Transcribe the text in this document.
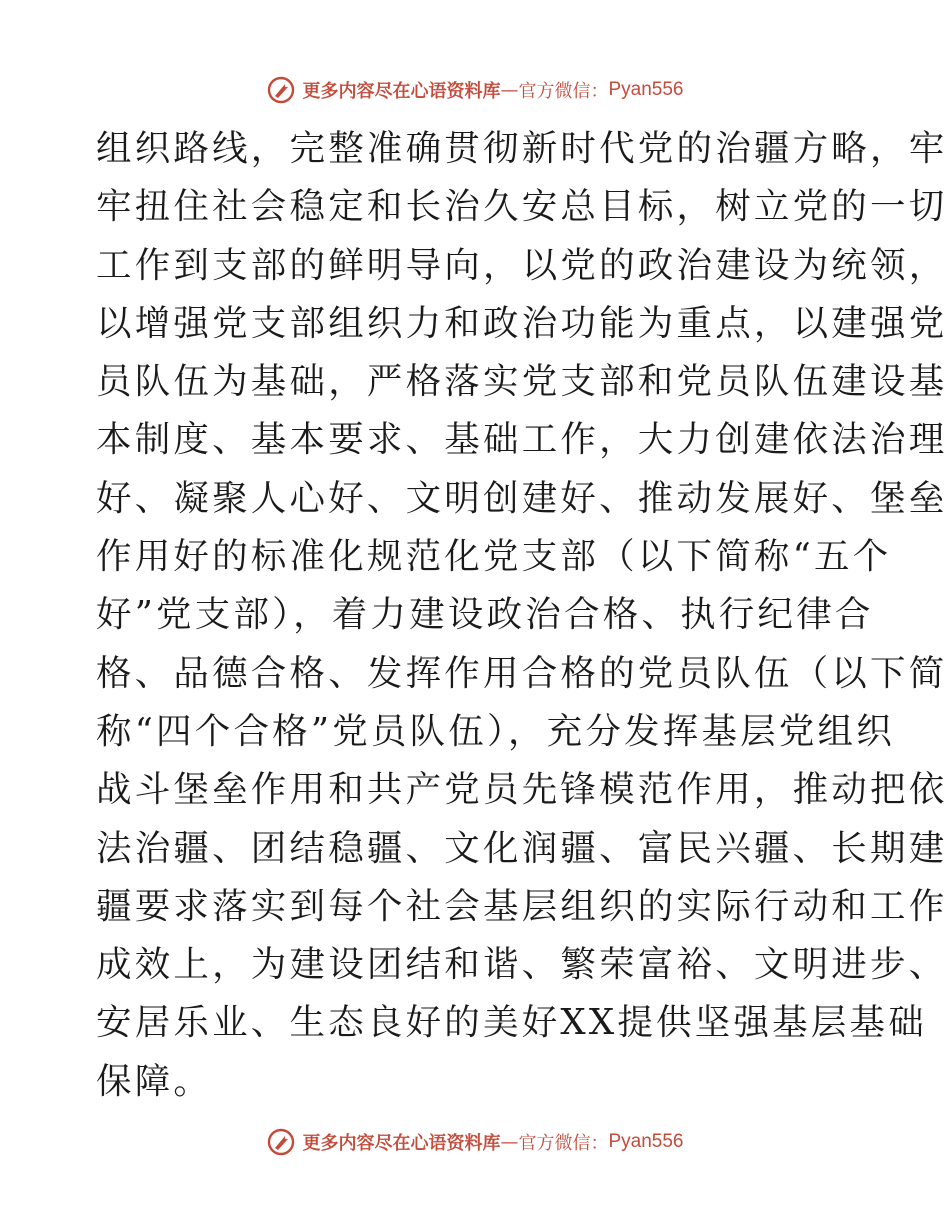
更多内容尽在心语资料库 — 官方微信： Pyan556
组织路线，完整准确贯彻新时代党的治疆方略，牢
牢扭住社会稳定和长治久安总目标，树立党的一切
工作到支部的鲜明导向，以党的政治建设为统领，
以增强党支部组织力和政治功能为重点，以建强党
员队伍为基础，严格落实党支部和党员队伍建设基
本制度、基本要求、基础工作，大力创建依法治理
好、凝聚人心好、文明创建好、推动发展好、堡垒
作用好的标准化规范化党支部（以下简称“五个
好”党支部），着力建设政治合格、执行纪律合
格、品德合格、发挥作用合格的党员队伍（以下简
称“四个合格”党员队伍），充分发挥基层党组织
战斗堡垒作用和共产党员先锋模范作用，推动把依
法治疆、团结稳疆、文化润疆、富民兴疆、长期建
疆要求落实到每个社会基层组织的实际行动和工作
成效上，为建设团结和谐、繁荣富裕、文明进步、
安居乐业、生态良好的美好XX提供坚强基层基础
保障。
更多内容尽在心语资料库 — 官方微信： Pyan556
